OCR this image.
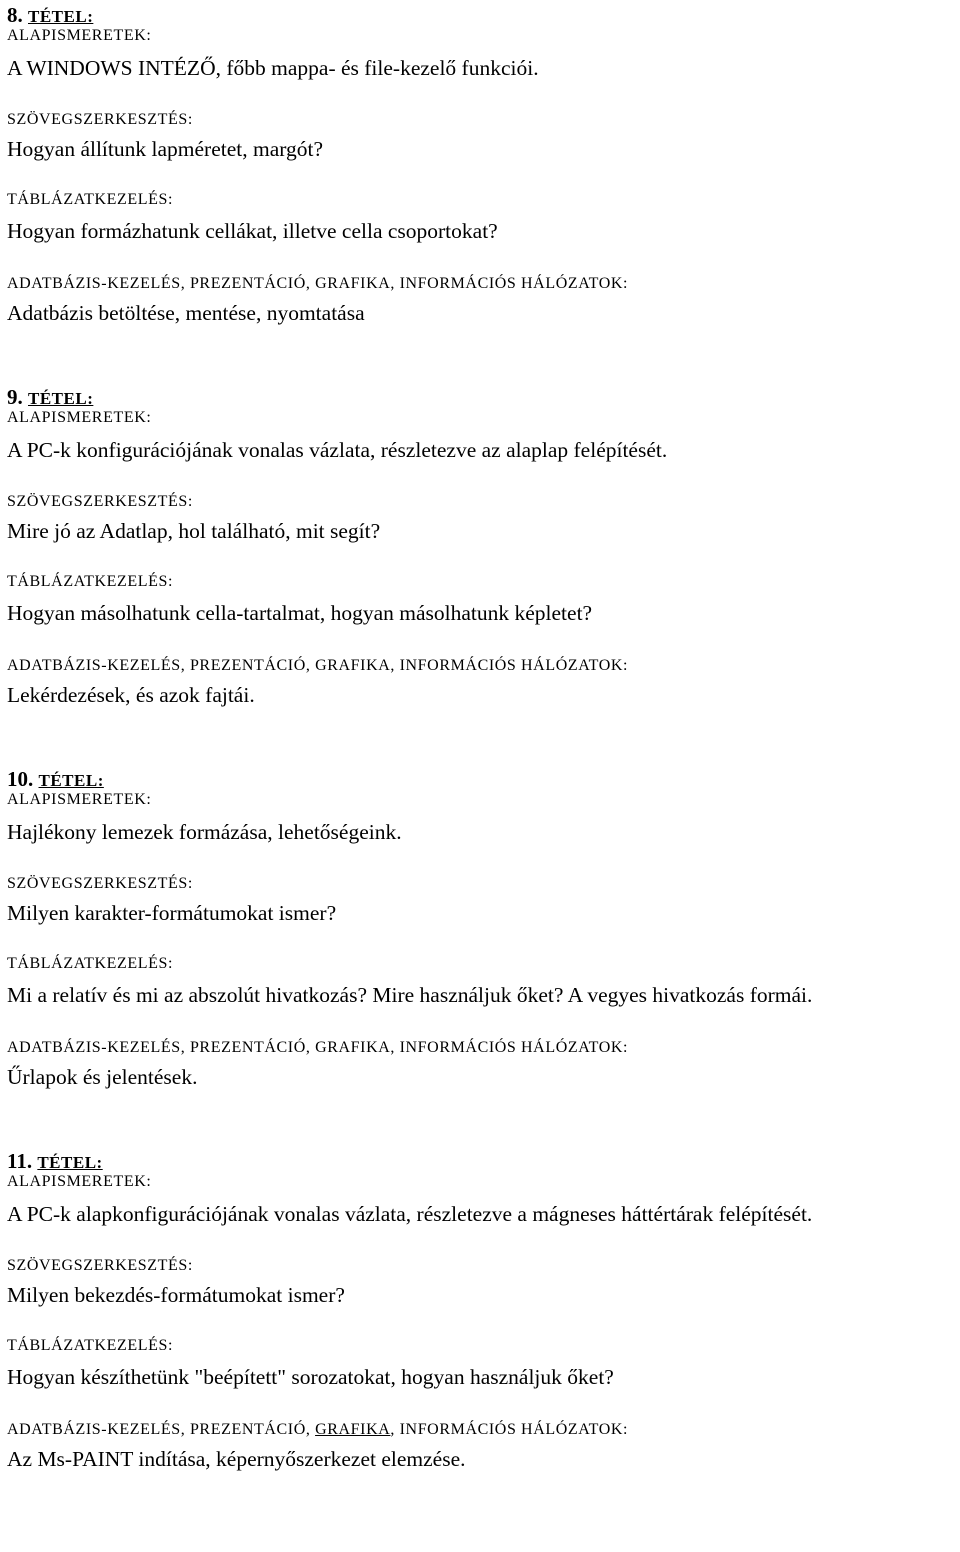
8. TÉTEL:

ALAPISMERETEK:

A WINDOWS INTÉZŐ, főbb mappa- és file-kezelő funkciói.

SZÖVEGSZERKESZTÉS:

Hogyan állítunk lapméretet, margót?

TÁBLÁZATKEZELÉS:

Hogyan formázhatunk cellákat, illetve cella csoportokat?

ADATBÁZIS-KEZELÉS, PREZENTÁCIÓ, GRAFIKA, INFORMÁCIÓS HÁLÓZATOK:

Adatbázis betöltése, mentése, nyomtatása

9. TÉTEL:

ALAPISMERETEK:

A PC-k konfigurációjának vonalas vázlata, részletezve az alaplap felépítését.

SZÖVEGSZERKESZTÉS:

Mire jó az Adatlap, hol található, mit segít?

TÁBLÁZATKEZELÉS:

Hogyan másolhatunk cella-tartalmat, hogyan másolhatunk képletet?

ADATBÁZIS-KEZELÉS, PREZENTÁCIÓ, GRAFIKA, INFORMÁCIÓS HÁLÓZATOK:

Lekérdezések, és azok fajtái.

10. TÉTEL:

ALAPISMERETEK:

Hajlékony lemezek formázása, lehetőségeink.

SZÖVEGSZERKESZTÉS:

Milyen karakter-formátumokat ismer?

TÁBLÁZATKEZELÉS:

Mi a relatív és mi az abszolút hivatkozás? Mire használjuk őket? A vegyes hivatkozás formái.

ADATBÁZIS-KEZELÉS, PREZENTÁCIÓ, GRAFIKA, INFORMÁCIÓS HÁLÓZATOK:

Űrlapok és jelentések.

11. TÉTEL:

ALAPISMERETEK:

A PC-k alapkonfigurációjának vonalas vázlata, részletezve a mágneses háttértárak felépítését.

SZÖVEGSZERKESZTÉS:

Milyen bekezdés-formátumokat ismer?

TÁBLÁZATKEZELÉS:

Hogyan készíthetünk "beépített" sorozatokat, hogyan használjuk őket?

ADATBÁZIS-KEZELÉS, PREZENTÁCIÓ, GRAFIKA, INFORMÁCIÓS HÁLÓZATOK:

Az Ms-PAINT indítása, képernyőszerkezet elemzése.
